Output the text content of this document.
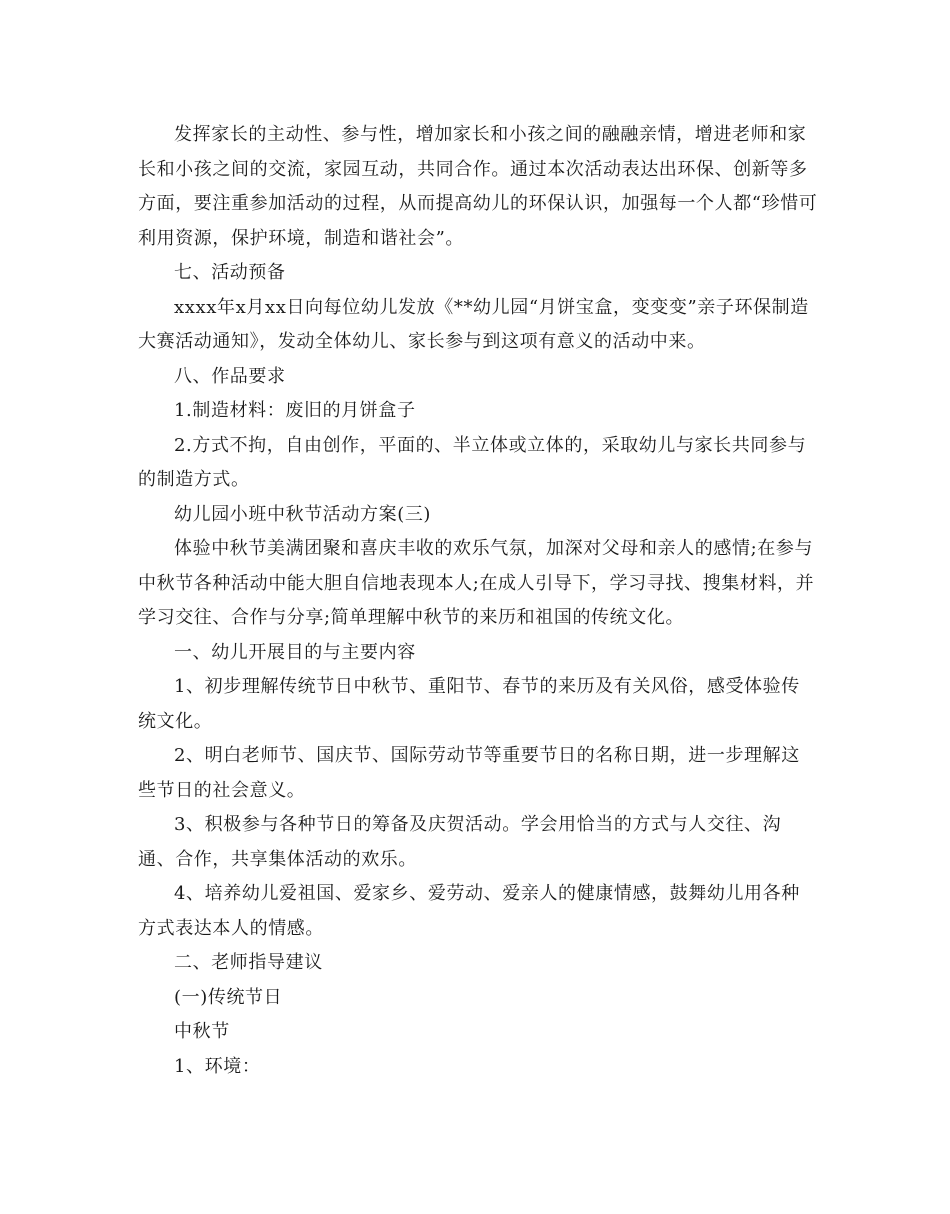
发挥家长的主动性、参与性，增加家长和小孩之间的融融亲情，增进老师和家长和小孩之间的交流，家园互动，共同合作。通过本次活动表达出环保、创新等多方面，要注重参加活动的过程，从而提高幼儿的环保认识，加强每一个人都“珍惜可利用资源，保护环境，制造和谐社会”。

七、活动预备

xxxx年x月xx日向每位幼儿发放《**幼儿园“月饼宝盒，变变变”亲子环保制造大赛活动通知》，发动全体幼儿、家长参与到这项有意义的活动中来。

八、作品要求

1.制造材料：废旧的月饼盒子

2.方式不拘，自由创作，平面的、半立体或立体的，采取幼儿与家长共同参与的制造方式。

幼儿园小班中秋节活动方案(三)

体验中秋节美满团聚和喜庆丰收的欢乐气氛，加深对父母和亲人的感情;在参与中秋节各种活动中能大胆自信地表现本人;在成人引导下，学习寻找、搜集材料，并学习交往、合作与分享;简单理解中秋节的来历和祖国的传统文化。

一、幼儿开展目的与主要内容

1、初步理解传统节日中秋节、重阳节、春节的来历及有关风俗，感受体验传统文化。

2、明白老师节、国庆节、国际劳动节等重要节日的名称日期，进一步理解这些节日的社会意义。

3、积极参与各种节日的筹备及庆贺活动。学会用恰当的方式与人交往、沟通、合作，共享集体活动的欢乐。

4、培养幼儿爱祖国、爱家乡、爱劳动、爱亲人的健康情感，鼓舞幼儿用各种方式表达本人的情感。

二、老师指导建议

(一)传统节日

中秋节

1、环境：
